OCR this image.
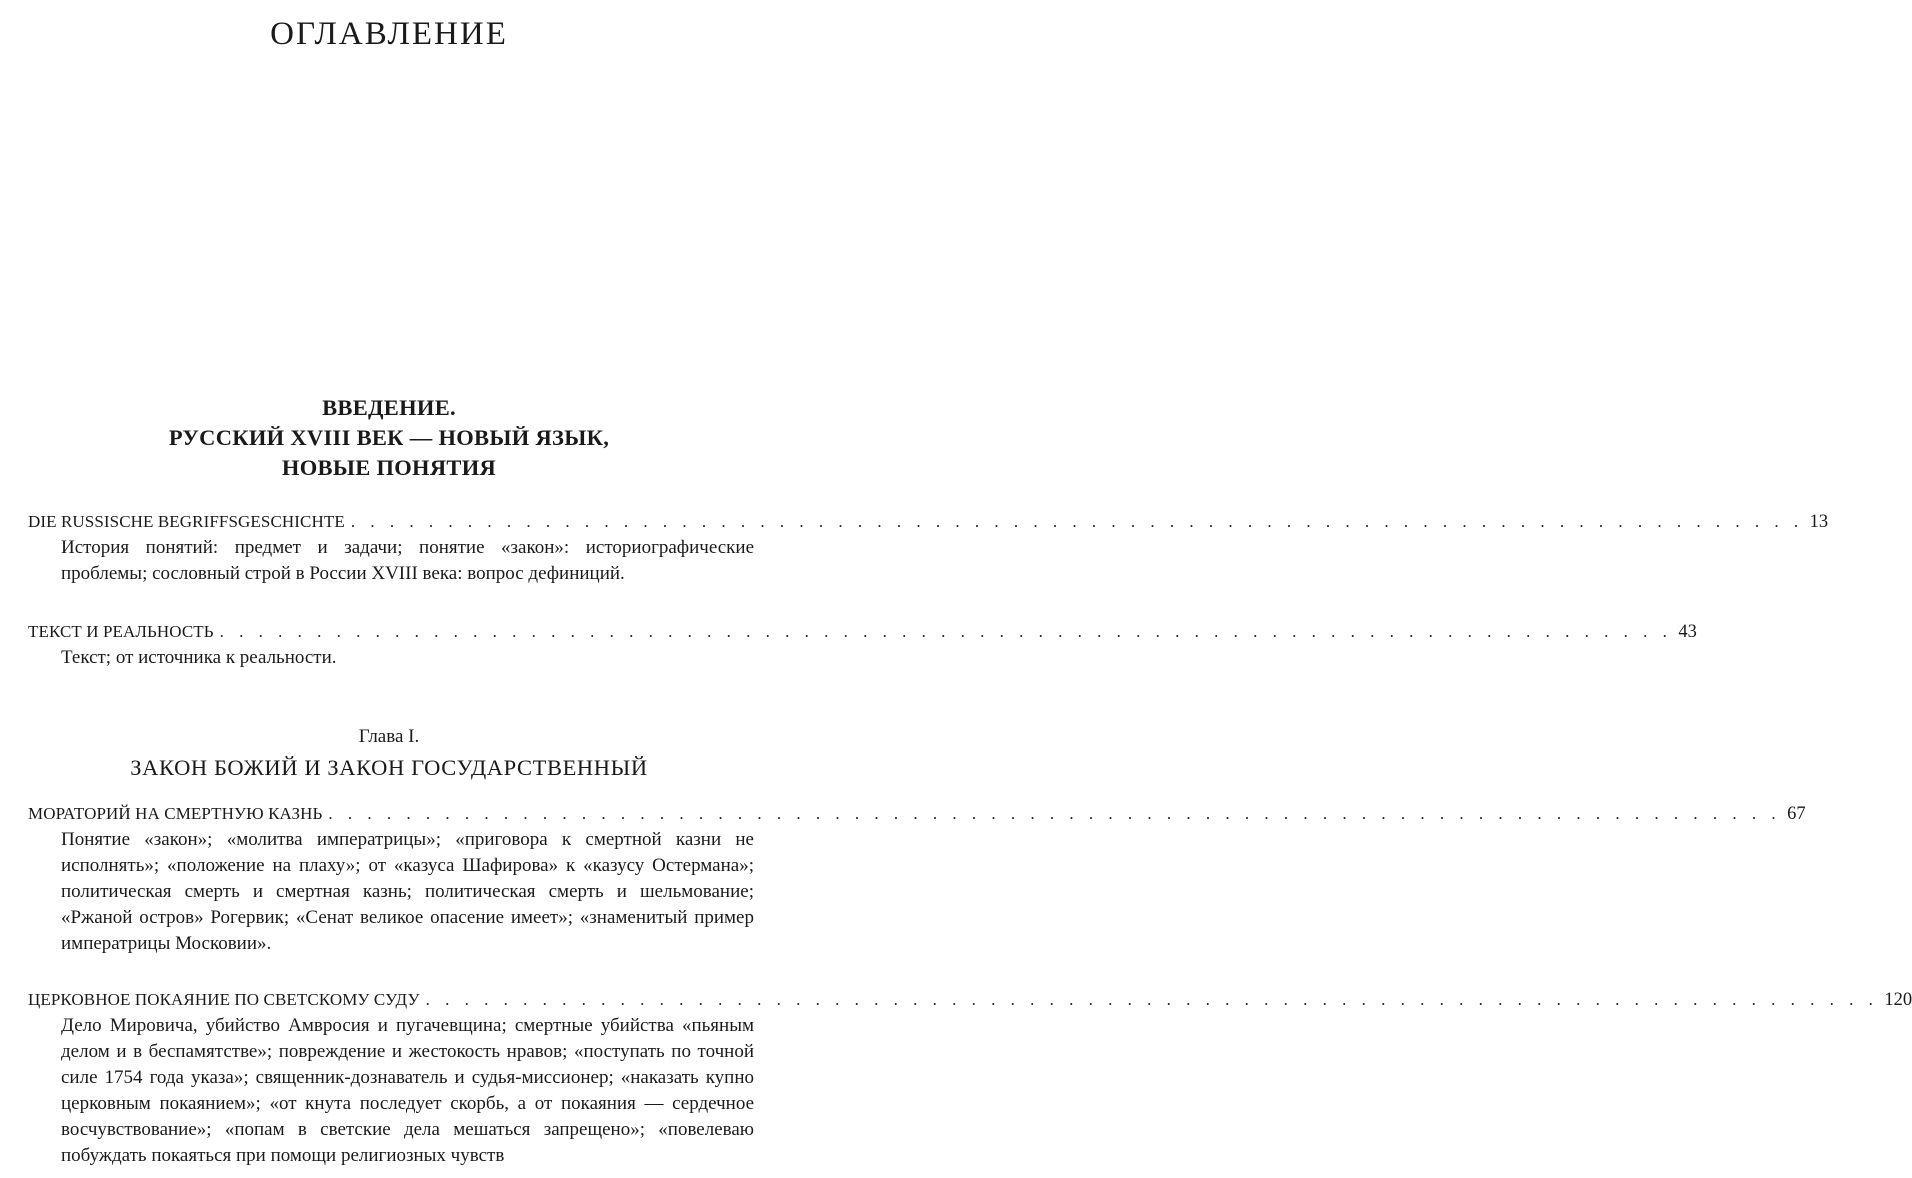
ОГЛАВЛЕНИЕ
ВВЕДЕНИЕ.
РУССКИЙ XVIII ВЕК — НОВЫЙ ЯЗЫК,
НОВЫЕ ПОНЯТИЯ
DIE RUSSISCHE BEGRIFFSGESCHICHTE . . . . . . . . . . . . . . . . . . . . . . . . . . . . . . . . . . . . . . . . . . . . . . . . . . . . . . . . . . . . . . . . . . . . . . . . . . . 13
История понятий: предмет и задачи; понятие «закон»: историографические проблемы; сословный строй в России XVIII века: вопрос дефиниций.
ТЕКСТ И РЕАЛЬНОСТЬ . . . . . . . . . . . . . . . . . . . . . . . . . . . . . . . . . . . . . . . . . . . . . . . . . . . . . . . . . . . . . . . . . . . . . . . . . . . 43
Текст; от источника к реальности.
Глава I.
ЗАКОН БОЖИЙ И ЗАКОН ГОСУДАРСТВЕННЫЙ
МОРАТОРИЙ НА СМЕРТНУЮ КАЗНЬ . . . . . . . . . . . . . . . . . . . . . . . . . . . . . . . . . . . . . . . . . . . . . . . . . . . . . . . . . . . . . . . . . . . . . . . . . . . 67
Понятие «закон»; «молитва императрицы»; «приговора к смертной казни не исполнять»; «положение на плаху»; от «казуса Шафирова» к «казусу Остермана»; политическая смерть и смертная казнь; политическая смерть и шельмование; «Ржаной остров» Рогервик; «Сенат великое опасение имеет»; «знаменитый пример императрицы Московии».
ЦЕРКОВНОЕ ПОКАЯНИЕ ПО СВЕТСКОМУ СУДУ . . . . . . . . . . . . . . . . . . . . . . . . . . . . . . . . . . . . . . . . . . . . . . . . . . . . . . . . . . . . . . . . . . . . . . . . . . . 120
Дело Мировича, убийство Амвросия и пугачевщина; смертные убийства «пьяным делом и в беспамятстве»; повреждение и жестокость нравов; «поступать по точной силе 1754 года указа»; священник-дознаватель и судья-миссионер; «наказать купно церковным покаянием»; «от кнута последует скорбь, а от покаяния — сердечное восчувствование»; «попам в светские дела мешаться запрещено»; «повелеваю побуждать покаяться при помощи религиозных чувств
